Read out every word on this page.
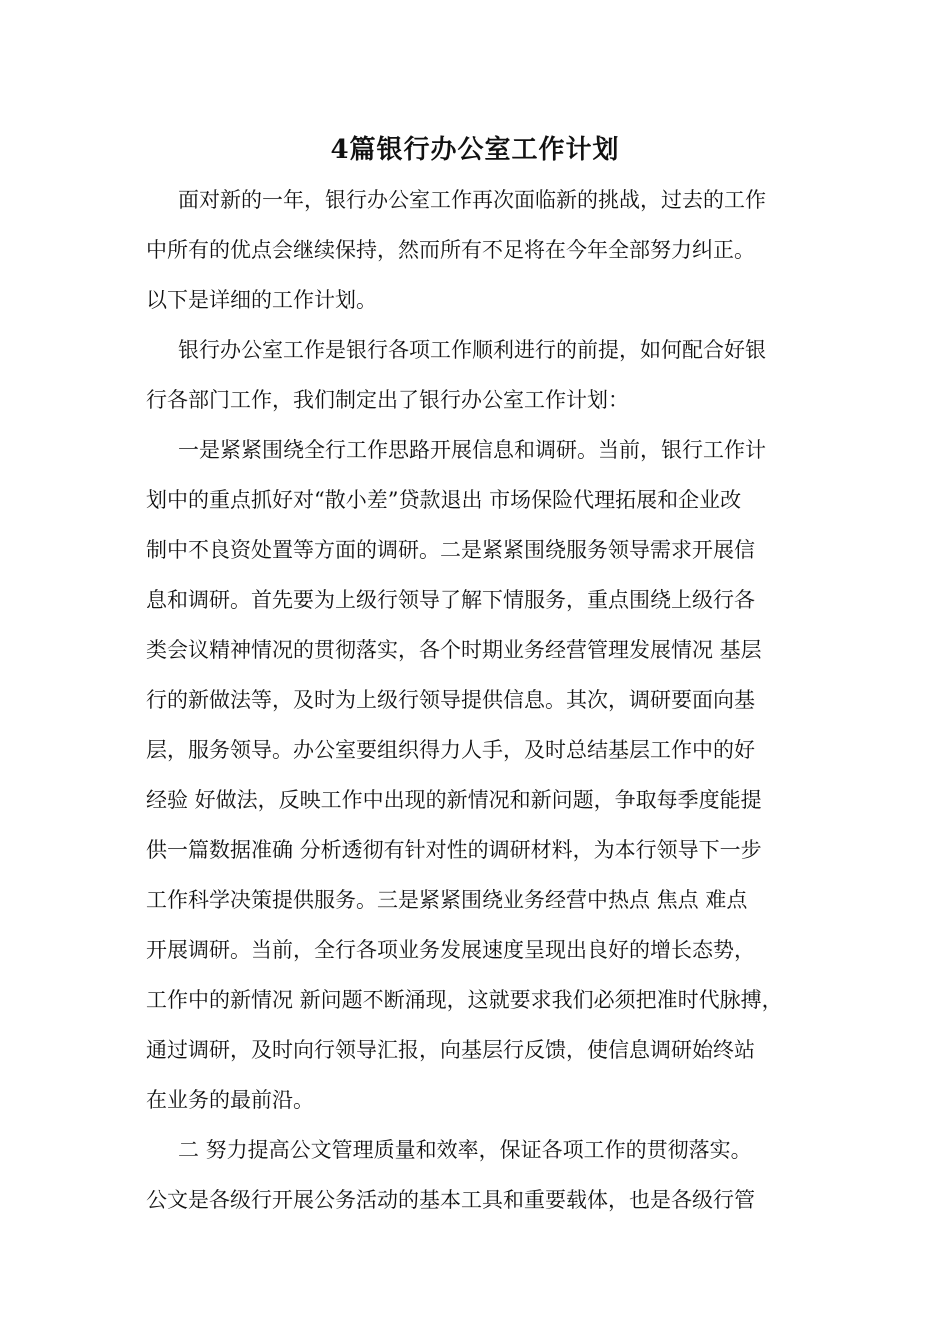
4篇银行办公室工作计划
面对新的一年，银行办公室工作再次面临新的挑战，过去的工作
中所有的优点会继续保持，然而所有不足将在今年全部努力纠正。
以下是详细的工作计划。
银行办公室工作是银行各项工作顺利进行的前提，如何配合好银
行各部门工作，我们制定出了银行办公室工作计划：
一是紧紧围绕全行工作思路开展信息和调研。当前，银行工作计
划中的重点抓好对“散小差”贷款退出 市场保险代理拓展和企业改
制中不良资处置等方面的调研。二是紧紧围绕服务领导需求开展信
息和调研。首先要为上级行领导了解下情服务，重点围绕上级行各
类会议精神情况的贯彻落实，各个时期业务经营管理发展情况 基层
行的新做法等，及时为上级行领导提供信息。其次，调研要面向基
层，服务领导。办公室要组织得力人手，及时总结基层工作中的好
经验 好做法，反映工作中出现的新情况和新问题，争取每季度能提
供一篇数据准确 分析透彻有针对性的调研材料，为本行领导下一步
工作科学决策提供服务。三是紧紧围绕业务经营中热点 焦点 难点
开展调研。当前，全行各项业务发展速度呈现出良好的增长态势，
工作中的新情况 新问题不断涌现，这就要求我们必须把准时代脉搏，
通过调研，及时向行领导汇报，向基层行反馈，使信息调研始终站
在业务的最前沿。
二 努力提高公文管理质量和效率，保证各项工作的贯彻落实。
公文是各级行开展公务活动的基本工具和重要载体，也是各级行管
